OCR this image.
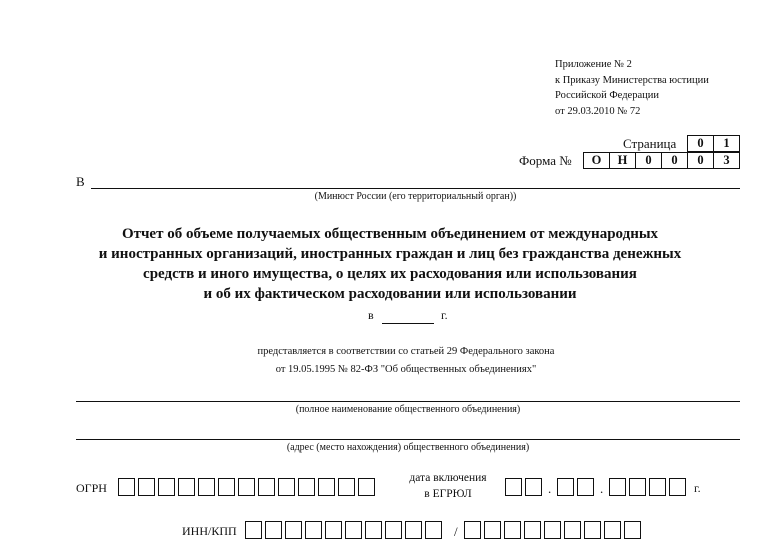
Приложение № 2
к Приказу Министерства юстиции
Российской Федерации
от 29.03.2010 № 72
Страница 0	1
Форма № О	Н	0	0	0	3
В
(Минюст России (его территориальный орган))
Отчет об объеме получаемых общественным объединением от международных
и иностранных организаций, иностранных граждан и лиц без гражданства денежных
средств и иного имущества, о целях их расходования или использования
и об их фактическом расходовании или использовании
в	г.
представляется в соответствии со статьей 29 Федерального закона
от 19.05.1995 № 82-ФЗ "Об общественных объединениях"
(полное наименование общественного объединения)
(адрес (место нахождения) общественного объединения)
ОГРН
дата включения
в ЕГРЮЛ	.	.	г.
ИНН/КПП	/
